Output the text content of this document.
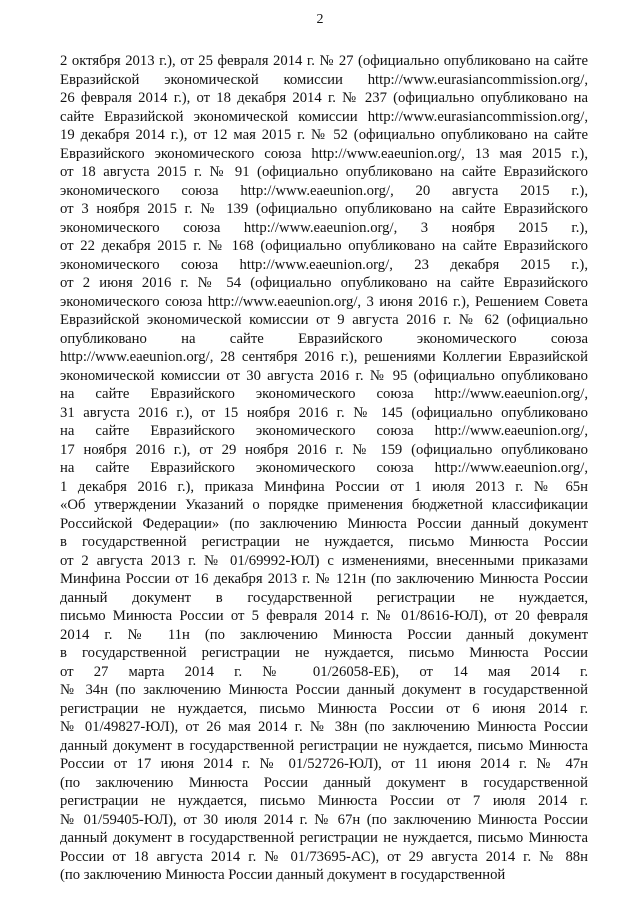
2
2 октября 2013 г.), от 25 февраля 2014 г. № 27 (официально опубликовано на сайте
Евразийской экономической комиссии http://www.eurasiancommission.org/,
26 февраля 2014 г.), от 18 декабря 2014 г. № 237 (официально опубликовано на
сайте Евразийской экономической комиссии http://www.eurasiancommission.org/,
19 декабря 2014 г.), от 12 мая 2015 г. № 52 (официально опубликовано на сайте
Евразийского экономического союза http://www.eaeunion.org/, 13 мая 2015 г.),
от 18 августа 2015 г. № 91 (официально опубликовано на сайте Евразийского
экономического союза http://www.eaeunion.org/, 20 августа 2015 г.),
от 3 ноября 2015 г. № 139 (официально опубликовано на сайте Евразийского
экономического союза http://www.eaeunion.org/, 3 ноября 2015 г.),
от 22 декабря 2015 г. № 168 (официально опубликовано на сайте Евразийского
экономического союза http://www.eaeunion.org/, 23 декабря 2015 г.),
от 2 июня 2016 г. № 54 (официально опубликовано на сайте Евразийского
экономического союза http://www.eaeunion.org/, 3 июня 2016 г.), Решением Совета
Евразийской экономической комиссии от 9 августа 2016 г. № 62 (официально
опубликовано на сайте Евразийского экономического союза
http://www.eaeunion.org/, 28 сентября 2016 г.), решениями Коллегии Евразийской
экономической комиссии от 30 августа 2016 г. № 95 (официально опубликовано
на сайте Евразийского экономического союза http://www.eaeunion.org/,
31 августа 2016 г.), от 15 ноября 2016 г. № 145 (официально опубликовано
на сайте Евразийского экономического союза http://www.eaeunion.org/,
17 ноября 2016 г.), от 29 ноября 2016 г. № 159 (официально опубликовано
на сайте Евразийского экономического союза http://www.eaeunion.org/,
1 декабря 2016 г.), приказа Минфина России от 1 июля 2013 г. № 65н
«Об утверждении Указаний о порядке применения бюджетной классификации
Российской Федерации» (по заключению Минюста России данный документ
в государственной регистрации не нуждается, письмо Минюста России
от 2 августа 2013 г. № 01/69992-ЮЛ) с изменениями, внесенными приказами
Минфина России от 16 декабря 2013 г. № 121н (по заключению Минюста России
данный документ в государственной регистрации не нуждается,
письмо Минюста России от 5 февраля 2014 г. № 01/8616-ЮЛ), от 20 февраля
2014 г. № 11н (по заключению Минюста России данный документ
в государственной регистрации не нуждается, письмо Минюста России
от 27 марта 2014 г. № 01/26058-ЕБ), от 14 мая 2014 г.
№ 34н (по заключению Минюста России данный документ в государственной
регистрации не нуждается, письмо Минюста России от 6 июня 2014 г.
№ 01/49827-ЮЛ), от 26 мая 2014 г. № 38н (по заключению Минюста России
данный документ в государственной регистрации не нуждается, письмо Минюста
России от 17 июня 2014 г. № 01/52726-ЮЛ), от 11 июня 2014 г. № 47н
(по заключению Минюста России данный документ в государственной
регистрации не нуждается, письмо Минюста России от 7 июля 2014 г.
№ 01/59405-ЮЛ), от 30 июля 2014 г. № 67н (по заключению Минюста России
данный документ в государственной регистрации не нуждается, письмо Минюста
России от 18 августа 2014 г. № 01/73695-АС), от 29 августа 2014 г. № 88н
(по заключению Минюста России данный документ в государственной
